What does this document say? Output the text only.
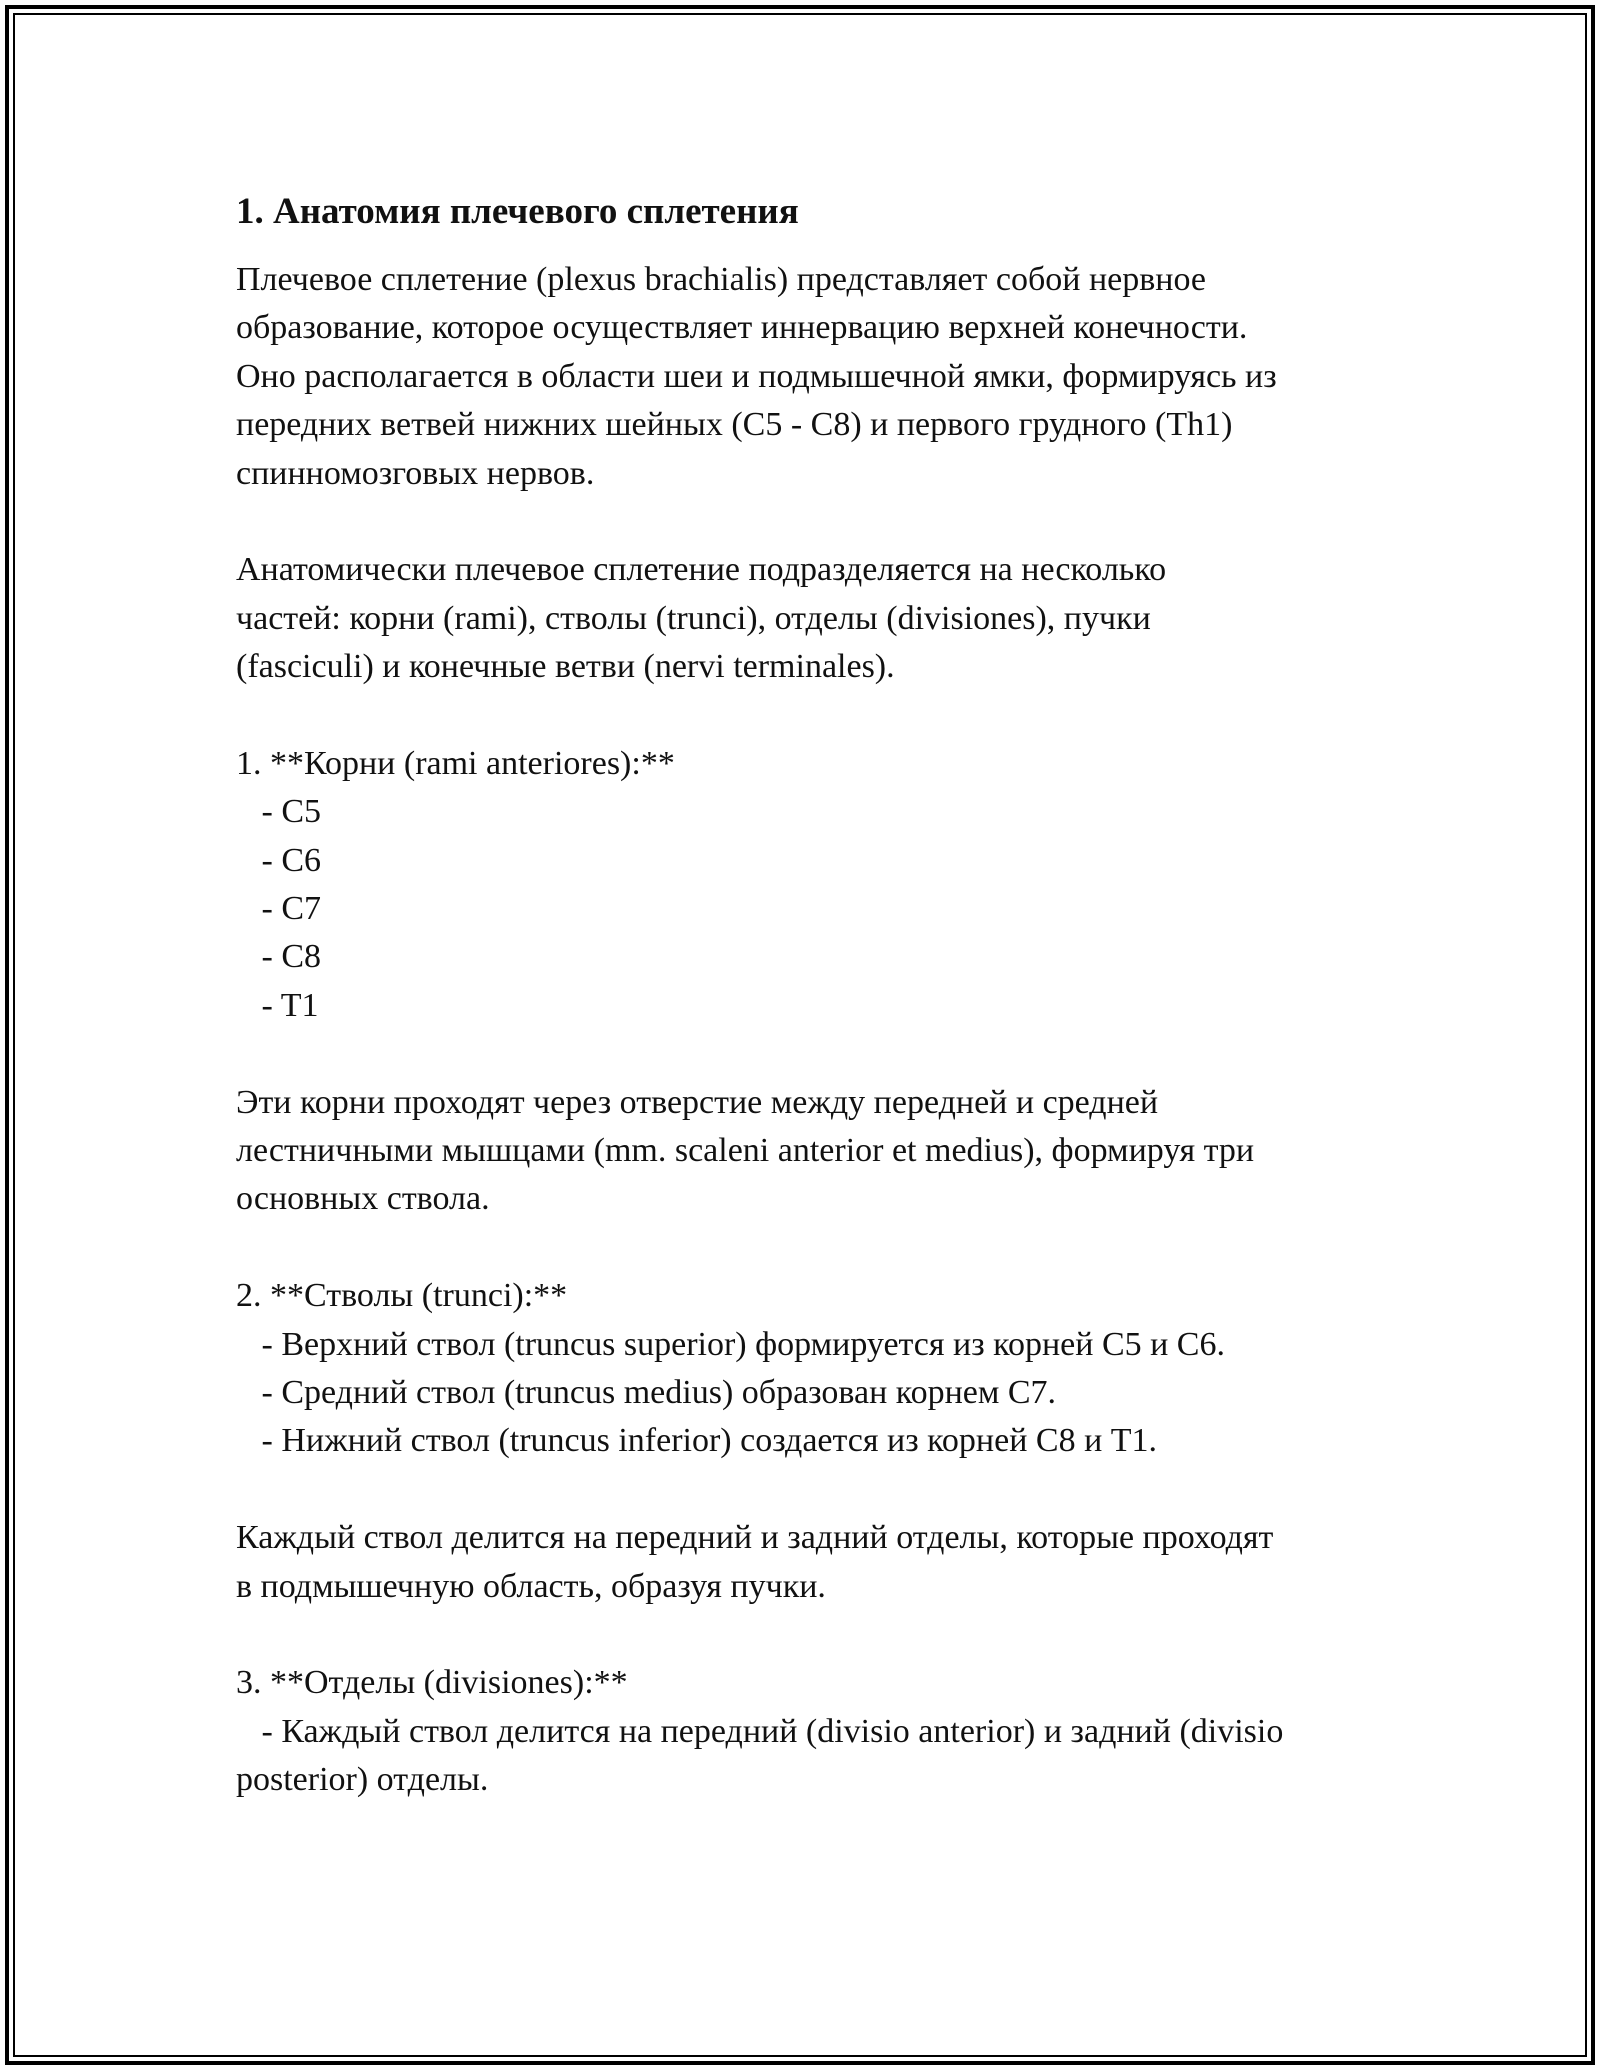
1. Анатомия плечевого сплетения
Плечевое сплетение (plexus brachialis) представляет собой нервное
образование, которое осуществляет иннервацию верхней конечности.
Оно располагается в области шеи и подмышечной ямки, формируясь из
передних ветвей нижних шейных (C5 - C8) и первого грудного (Th1)
спинномозговых нервов.
Анатомически плечевое сплетение подразделяется на несколько
частей: корни (rami), стволы (trunci), отделы (divisiones), пучки
(fasciculi) и конечные ветви (nervi terminales).
1. **Корни (rami anteriores):**
- C5
- C6
- C7
- C8
- T1
Эти корни проходят через отверстие между передней и средней
лестничными мышцами (mm. scaleni anterior et medius), формируя три
основных ствола.
2. **Стволы (trunci):**
- Верхний ствол (truncus superior) формируется из корней C5 и C6.
- Средний ствол (truncus medius) образован корнем C7.
- Нижний ствол (truncus inferior) создается из корней C8 и T1.
Каждый ствол делится на передний и задний отделы, которые проходят
в подмышечную область, образуя пучки.
3. **Отделы (divisiones):**
- Каждый ствол делится на передний (divisio anterior) и задний (divisio
posterior) отделы.
